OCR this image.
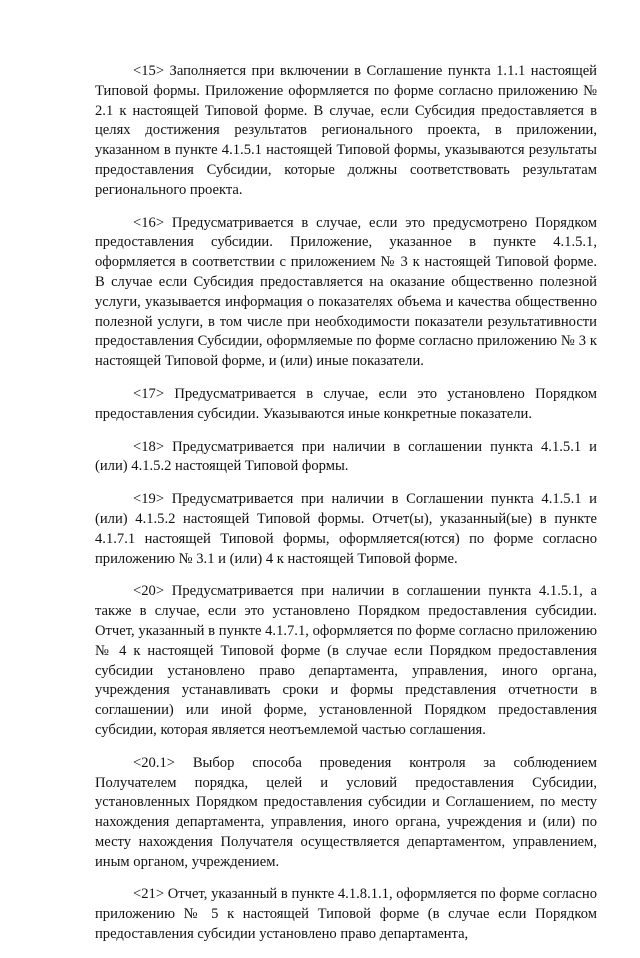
<15> Заполняется при включении в Соглашение пункта 1.1.1 настоящей Типовой формы. Приложение оформляется по форме согласно приложению № 2.1 к настоящей Типовой форме. В случае, если Субсидия предоставляется в целях достижения результатов регионального проекта, в приложении, указанном в пункте 4.1.5.1 настоящей Типовой формы, указываются результаты предоставления Субсидии, которые должны соответствовать результатам регионального проекта.

<16> Предусматривается в случае, если это предусмотрено Порядком предоставления субсидии. Приложение, указанное в пункте 4.1.5.1, оформляется в соответствии с приложением № 3 к настоящей Типовой форме. В случае если Субсидия предоставляется на оказание общественно полезной услуги, указывается информация о показателях объема и качества общественно полезной услуги, в том числе при необходимости показатели результативности предоставления Субсидии, оформляемые по форме согласно приложению № 3 к настоящей Типовой форме, и (или) иные показатели.

<17> Предусматривается в случае, если это установлено Порядком предоставления субсидии. Указываются иные конкретные показатели.

<18> Предусматривается при наличии в соглашении пункта 4.1.5.1 и (или) 4.1.5.2 настоящей Типовой формы.

<19> Предусматривается при наличии в Соглашении пункта 4.1.5.1 и (или) 4.1.5.2 настоящей Типовой формы. Отчет(ы), указанный(ые) в пункте 4.1.7.1 настоящей Типовой формы, оформляется(ются) по форме согласно приложению № 3.1 и (или) 4 к настоящей Типовой форме.

<20> Предусматривается при наличии в соглашении пункта 4.1.5.1, а также в случае, если это установлено Порядком предоставления субсидии. Отчет, указанный в пункте 4.1.7.1, оформляется по форме согласно приложению № 4 к настоящей Типовой форме (в случае если Порядком предоставления субсидии установлено право департамента, управления, иного органа, учреждения устанавливать сроки и формы представления отчетности в соглашении) или иной форме, установленной Порядком предоставления субсидии, которая является неотъемлемой частью соглашения.

<20.1> Выбор способа проведения контроля за соблюдением Получателем порядка, целей и условий предоставления Субсидии, установленных Порядком предоставления субсидии и Соглашением, по месту нахождения департамента, управления, иного органа, учреждения и (или) по месту нахождения Получателя осуществляется департаментом, управлением, иным органом, учреждением.

<21> Отчет, указанный в пункте 4.1.8.1.1, оформляется по форме согласно приложению № 5 к настоящей Типовой форме (в случае если Порядком предоставления субсидии установлено право департамента,
